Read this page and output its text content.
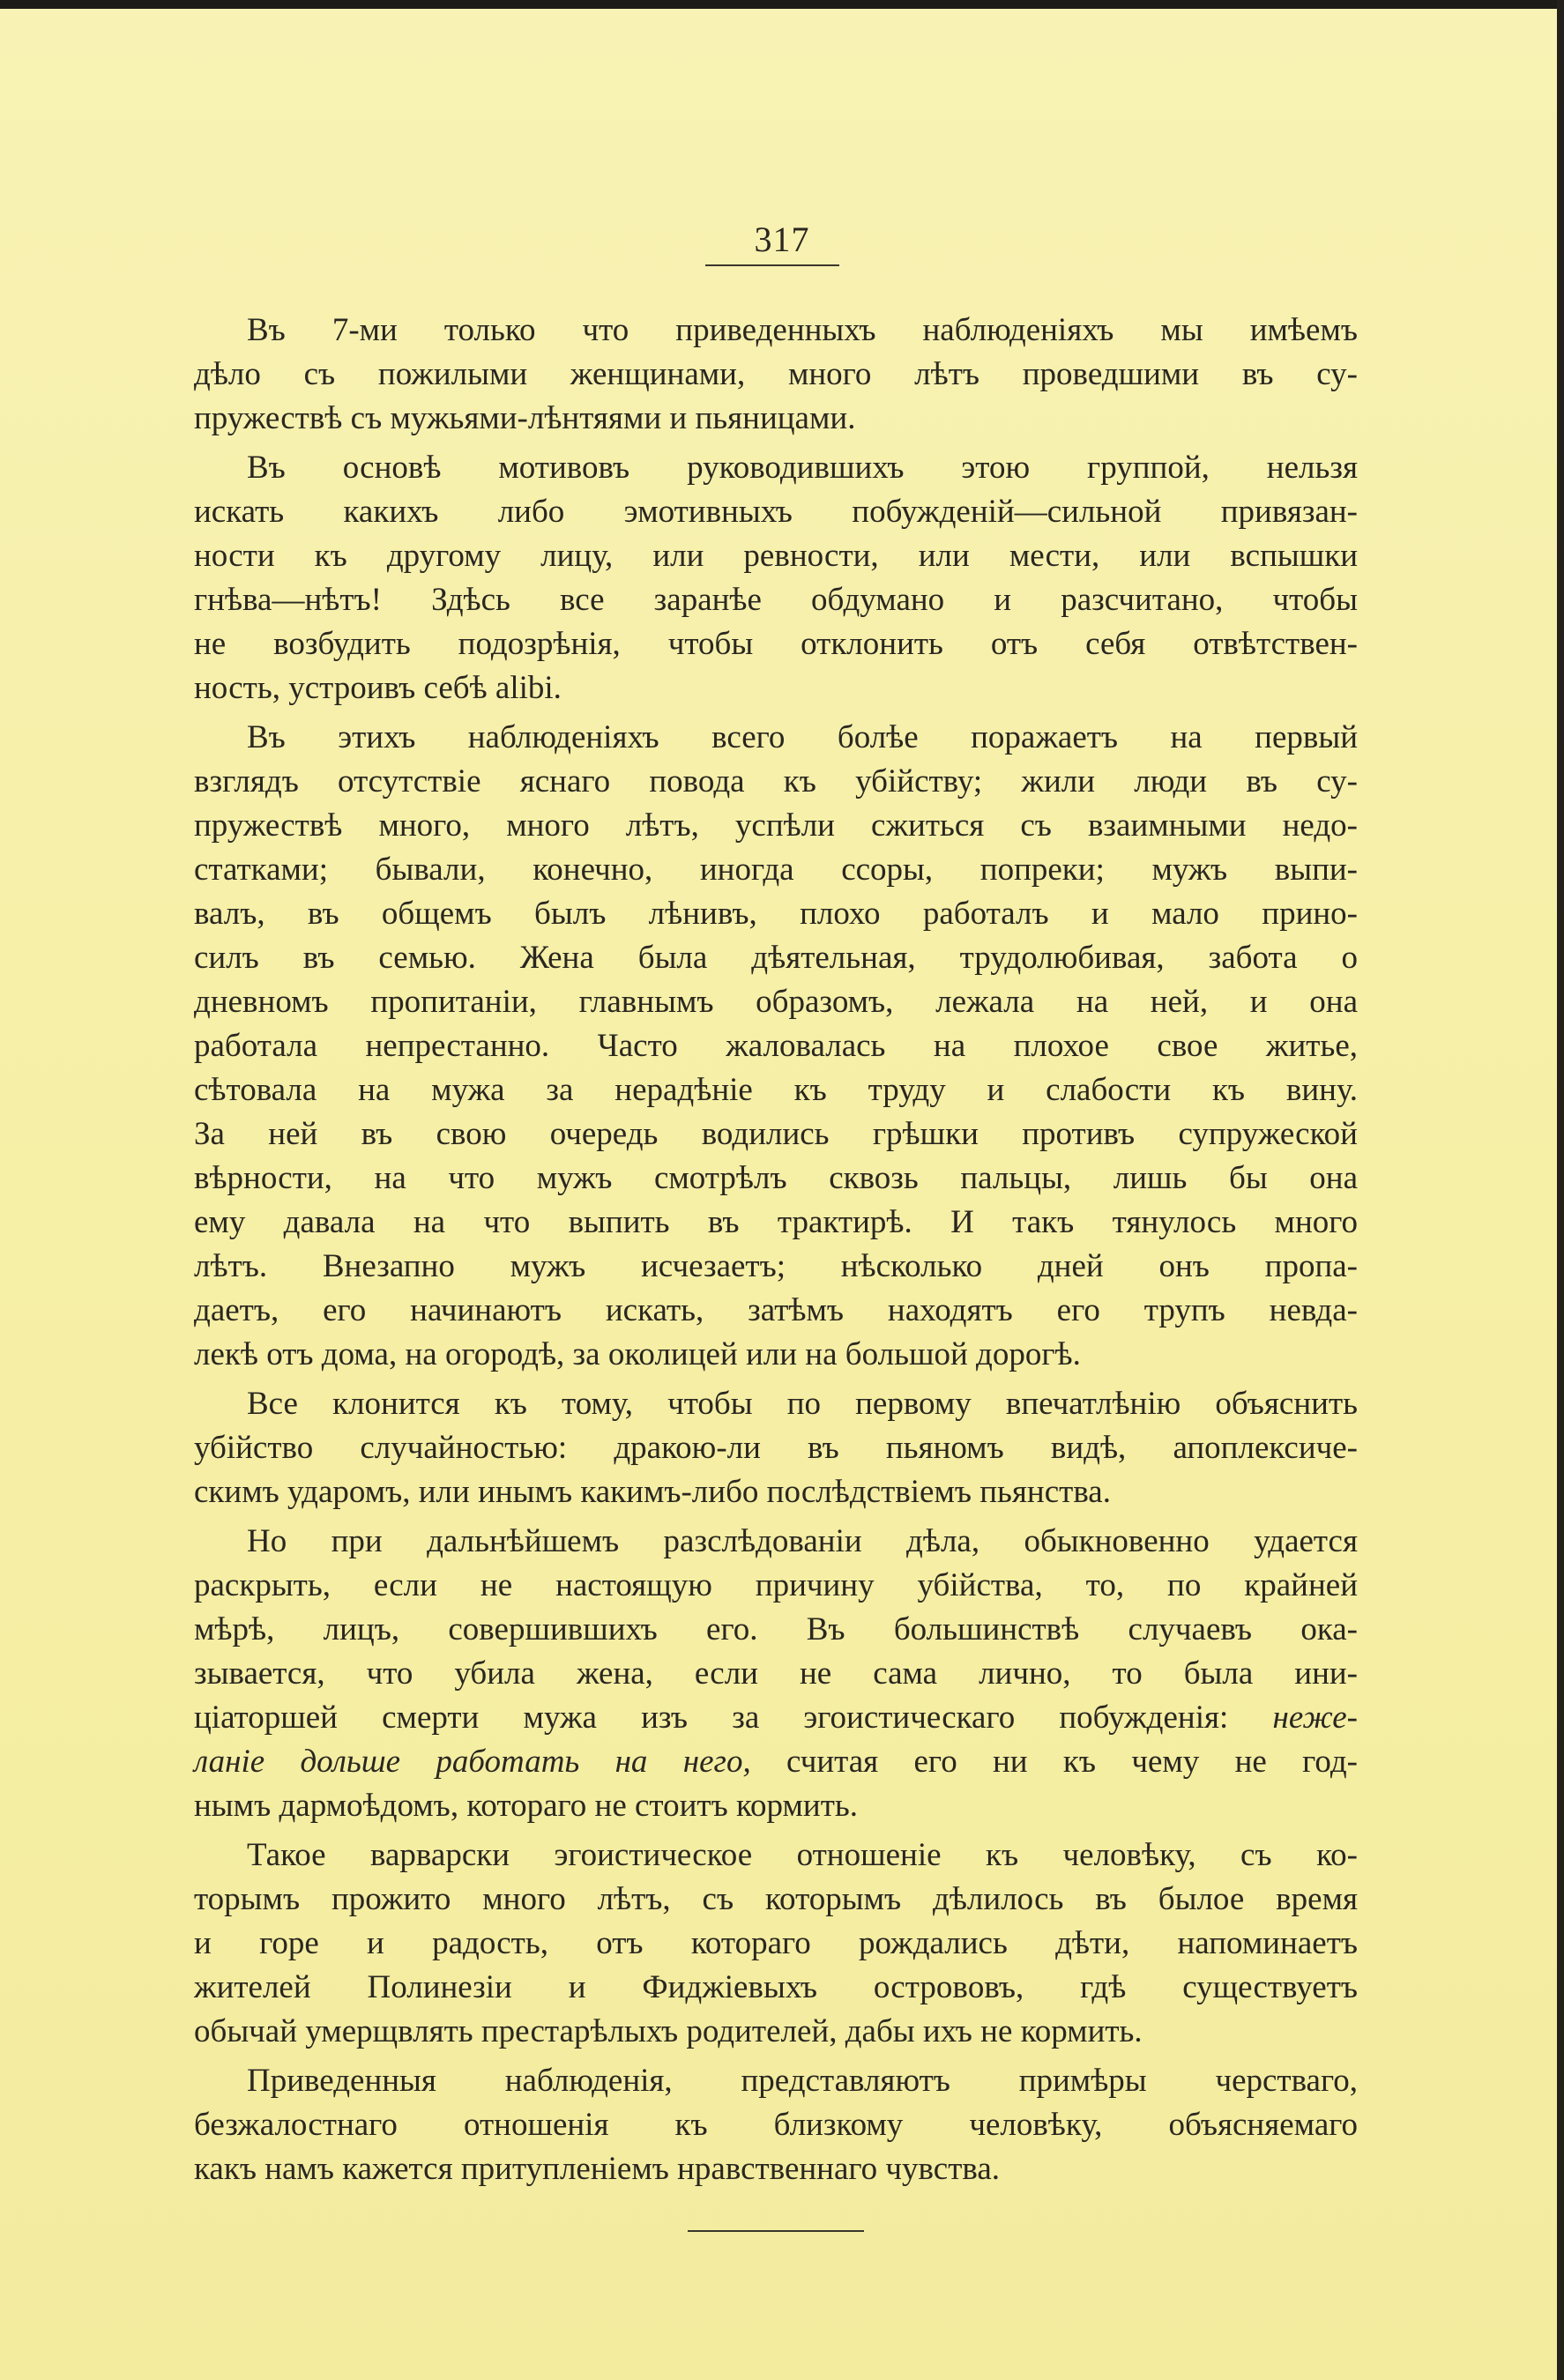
317

Въ 7-ми только что приведенныхъ наблюденіяхъ мы имѣемъ
дѣло съ пожилыми женщинами, много лѣтъ проведшими въ су-
пружествѣ съ мужьями-лѣнтяями и пьяницами.

Въ основѣ мотивовъ руководившихъ этою группой, нельзя
искать какихъ либо эмотивныхъ побужденій—сильной привязан-
ности къ другому лицу, или ревности, или мести, или вспышки
гнѣва—нѣтъ! Здѣсь все заранѣе обдумано и разсчитано, чтобы
не возбудить подозрѣнія, чтобы отклонить отъ себя отвѣтствен-
ность, устроивъ себѣ alibi.

Въ этихъ наблюденіяхъ всего болѣе поражаетъ на первый
взглядъ отсутствіе яснаго повода къ убійству; жили люди въ су-
пружествѣ много, много лѣтъ, успѣли сжиться съ взаимными недо-
статками; бывали, конечно, иногда ссоры, попреки; мужъ выпи-
валъ, въ общемъ былъ лѣнивъ, плохо работалъ и мало прино-
силъ въ семью. Жена была дѣятельная, трудолюбивая, забота о
дневномъ пропитаніи, главнымъ образомъ, лежала на ней, и она
работала непрестанно. Часто жаловалась на плохое свое житье,
сѣтовала на мужа за нерадѣніе къ труду и слабости къ вину.
За ней въ свою очередь водились грѣшки противъ супружеской
вѣрности, на что мужъ смотрѣлъ сквозь пальцы, лишь бы она
ему давала на что выпить въ трактирѣ. И такъ тянулось много
лѣтъ. Внезапно мужъ исчезаетъ; нѣсколько дней онъ пропа-
даетъ, его начинаютъ искать, затѣмъ находятъ его трупъ невда-
лекѣ отъ дома, на огородѣ, за околицей или на большой дорогѣ.

Все клонится къ тому, чтобы по первому впечатлѣнію объяснить
убійство случайностью: дракою-ли въ пьяномъ видѣ, апоплексиче-
скимъ ударомъ, или инымъ какимъ-либо послѣдствіемъ пьянства.

Но при дальнѣйшемъ разслѣдованіи дѣла, обыкновенно удается
раскрыть, если не настоящую причину убійства, то, по крайней
мѣрѣ, лицъ, совершившихъ его. Въ большинствѣ случаевъ ока-
зывается, что убила жена, если не сама лично, то была ини-
ціаторшей смерти мужа изъ за эгоистическаго побужденія: неже-
ланіе дольше работать на него, считая его ни къ чему не год-
нымъ дармоѣдомъ, котораго не стоитъ кормить.

Такое варварски эгоистическое отношеніе къ человѣку, съ ко-
торымъ прожито много лѣтъ, съ которымъ дѣлилось въ былое время
и горе и радость, отъ котораго рождались дѣти, напоминаетъ
жителей Полинезіи и Фиджіевыхъ островoвъ, гдѣ существуетъ
обычай умерщвлять престарѣлыхъ родителей, дабы ихъ не кормить.

Приведенныя наблюденія, представляютъ примѣры черстваго,
безжалостнаго отношенія къ близкому человѣку, объясняемаго
какъ намъ кажется притупленіемъ нравственнаго чувства.
